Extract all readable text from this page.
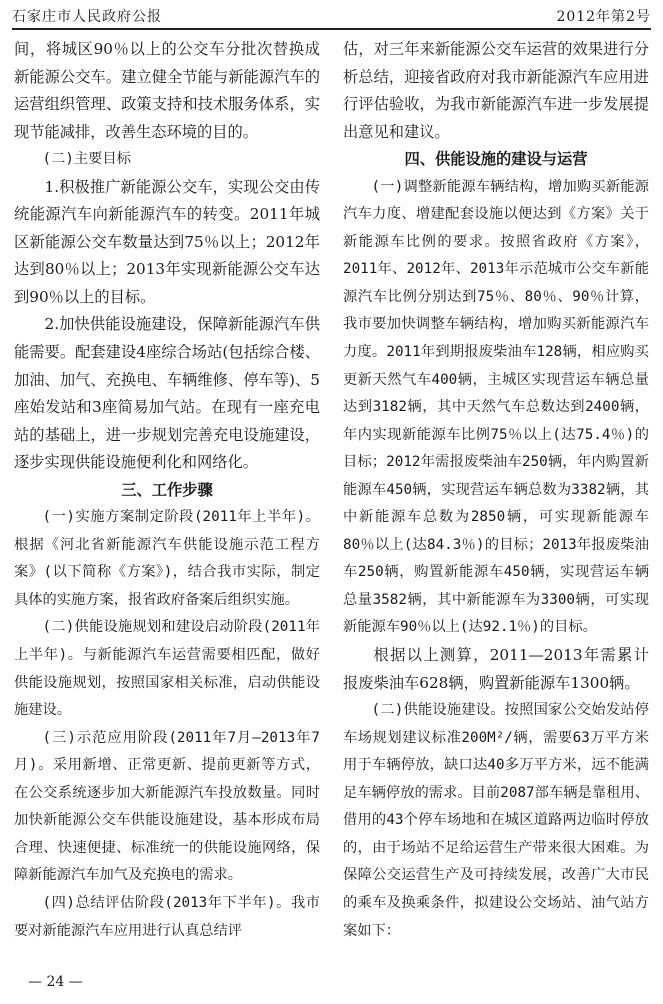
石家庄市人民政府公报	2012年第2号

间，将城区90％以上的公交车分批次替换成新能源公交车。建立健全节能与新能源汽车的运营组织管理、政策支持和技术服务体系，实现节能减排，改善生态环境的目的。

(二)主要目标

1.积极推广新能源公交车，实现公交由传统能源汽车向新能源汽车的转变。2011年城区新能源公交车数量达到75％以上；2012年达到80％以上；2013年实现新能源公交车达到90％以上的目标。

2.加快供能设施建设，保障新能源汽车供能需要。配套建设4座综合场站(包括综合楼、加油、加气、充换电、车辆维修、停车等)、5座始发站和3座简易加气站。在现有一座充电站的基础上，进一步规划完善充电设施建设，逐步实现供能设施便利化和网络化。

三、工作步骤

(一)实施方案制定阶段(2011年上半年)。根据《河北省新能源汽车供能设施示范工程方案》(以下简称《方案》)，结合我市实际，制定具体的实施方案，报省政府备案后组织实施。

(二)供能设施规划和建设启动阶段(2011年上半年)。与新能源汽车运营需要相匹配，做好供能设施规划，按照国家相关标准，启动供能设施建设。

(三)示范应用阶段(2011年7月—2013年7月)。采用新增、正常更新、提前更新等方式，在公交系统逐步加大新能源汽车投放数量。同时加快新能源公交车供能设施建设，基本形成布局合理、快速便捷、标准统一的供能设施网络，保障新能源汽车加气及充换电的需求。

(四)总结评估阶段(2013年下半年)。我市要对新能源汽车应用进行认真总结评

估，对三年来新能源公交车运营的效果进行分析总结，迎接省政府对我市新能源汽车应用进行评估验收，为我市新能源汽车进一步发展提出意见和建议。

四、供能设施的建设与运营

(一)调整新能源车辆结构，增加购买新能源汽车力度、增建配套设施以便达到《方案》关于新能源车比例的要求。按照省政府《方案》，2011年、2012年、2013年示范城市公交车新能源汽车比例分别达到75％、80％、90％计算，我市要加快调整车辆结构，增加购买新能源汽车力度。2011年到期报废柴油车128辆，相应购买更新天然气车400辆，主城区实现营运车辆总量达到3182辆，其中天然气车总数达到2400辆，年内实现新能源车比例75％以上(达75.4％)的目标；2012年需报废柴油车250辆，年内购置新能源车450辆，实现营运车辆总数为3382辆，其中新能源车总数为2850辆，可实现新能源车80％以上(达84.3％)的目标；2013年报废柴油车250辆，购置新能源车450辆，实现营运车辆总量3582辆，其中新能源车为3300辆，可实现新能源车90％以上(达92.1％)的目标。

根据以上测算，2011—2013年需累计报废柴油车628辆，购置新能源车1300辆。

(二)供能设施建设。按照国家公交始发站停车场规划建议标准200M²/辆，需要63万平方米用于车辆停放，缺口达40多万平方米，远不能满足车辆停放的需求。目前2087部车辆是靠租用、借用的43个停车场地和在城区道路两边临时停放的，由于场站不足给运营生产带来很大困难。为保障公交运营生产及可持续发展，改善广大市民的乘车及换乘条件，拟建设公交场站、油气站方案如下：

— 24 —
